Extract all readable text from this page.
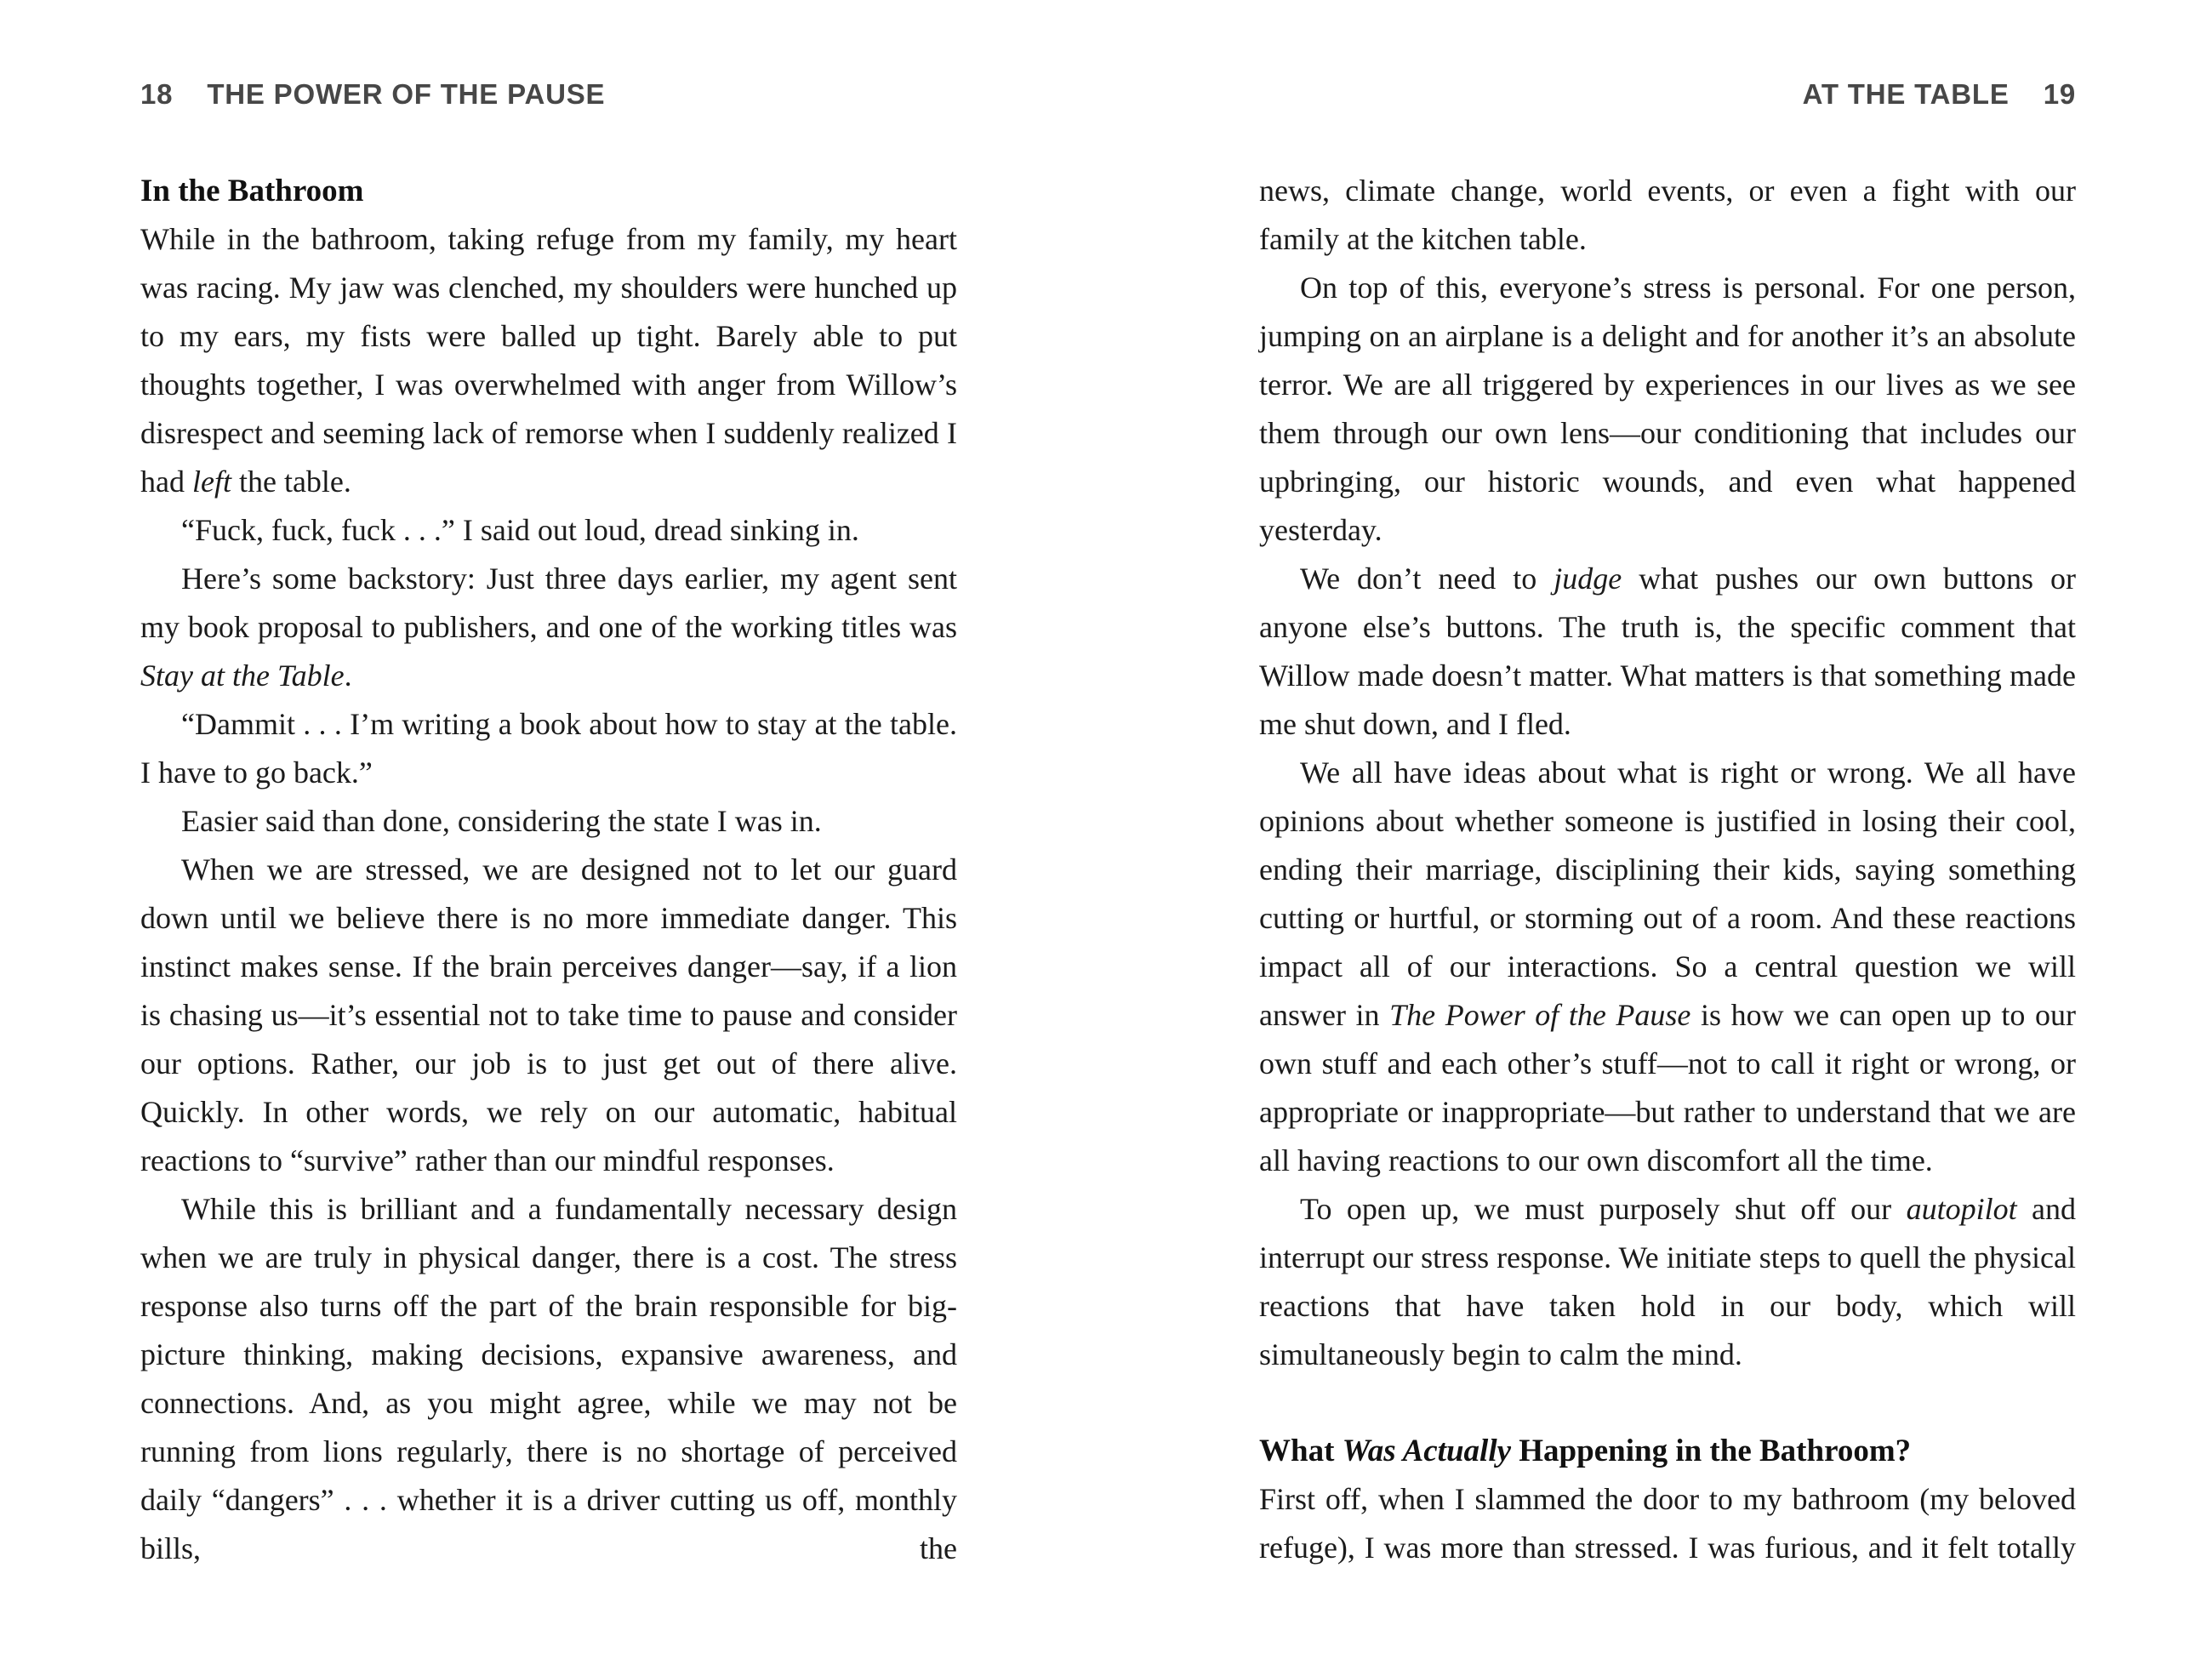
18 THE POWER OF THE PAUSE
In the Bathroom

While in the bathroom, taking refuge from my family, my heart was racing. My jaw was clenched, my shoulders were hunched up to my ears, my fists were balled up tight. Barely able to put thoughts together, I was overwhelmed with anger from Willow’s disrespect and seeming lack of remorse when I suddenly realized I had left the table.

“Fuck, fuck, fuck . . .” I said out loud, dread sinking in.

Here’s some backstory: Just three days earlier, my agent sent my book proposal to publishers, and one of the working titles was Stay at the Table.

“Dammit . . . I’m writing a book about how to stay at the table. I have to go back.”

Easier said than done, considering the state I was in.

When we are stressed, we are designed not to let our guard down until we believe there is no more immediate danger. This instinct makes sense. If the brain perceives danger—say, if a lion is chasing us—it’s essential not to take time to pause and consider our options. Rather, our job is to just get out of there alive. Quickly. In other words, we rely on our automatic, habitual reactions to “survive” rather than our mindful responses.

While this is brilliant and a fundamentally necessary design when we are truly in physical danger, there is a cost. The stress response also turns off the part of the brain responsible for big-picture thinking, making decisions, expansive awareness, and connections. And, as you might agree, while we may not be running from lions regularly, there is no shortage of perceived daily “dangers” . . . whether it is a driver cutting us off, monthly bills, the

AT THE TABLE 19

news, climate change, world events, or even a fight with our family at the kitchen table.

On top of this, everyone’s stress is personal. For one person, jumping on an airplane is a delight and for another it’s an absolute terror. We are all triggered by experiences in our lives as we see them through our own lens—our conditioning that includes our upbringing, our historic wounds, and even what happened yesterday.

We don’t need to judge what pushes our own buttons or anyone else’s buttons. The truth is, the specific comment that Willow made doesn’t matter. What matters is that something made me shut down, and I fled.

We all have ideas about what is right or wrong. We all have opinions about whether someone is justified in losing their cool, ending their marriage, disciplining their kids, saying something cutting or hurtful, or storming out of a room. And these reactions impact all of our interactions. So a central question we will answer in The Power of the Pause is how we can open up to our own stuff and each other’s stuff—not to call it right or wrong, or appropriate or inappropriate—but rather to understand that we are all having reactions to our own discomfort all the time.

To open up, we must purposely shut off our autopilot and interrupt our stress response. We initiate steps to quell the physical reactions that have taken hold in our body, which will simultaneously begin to calm the mind.

What Was Actually Happening in the Bathroom?

First off, when I slammed the door to my bathroom (my beloved refuge), I was more than stressed. I was furious, and it felt totally
